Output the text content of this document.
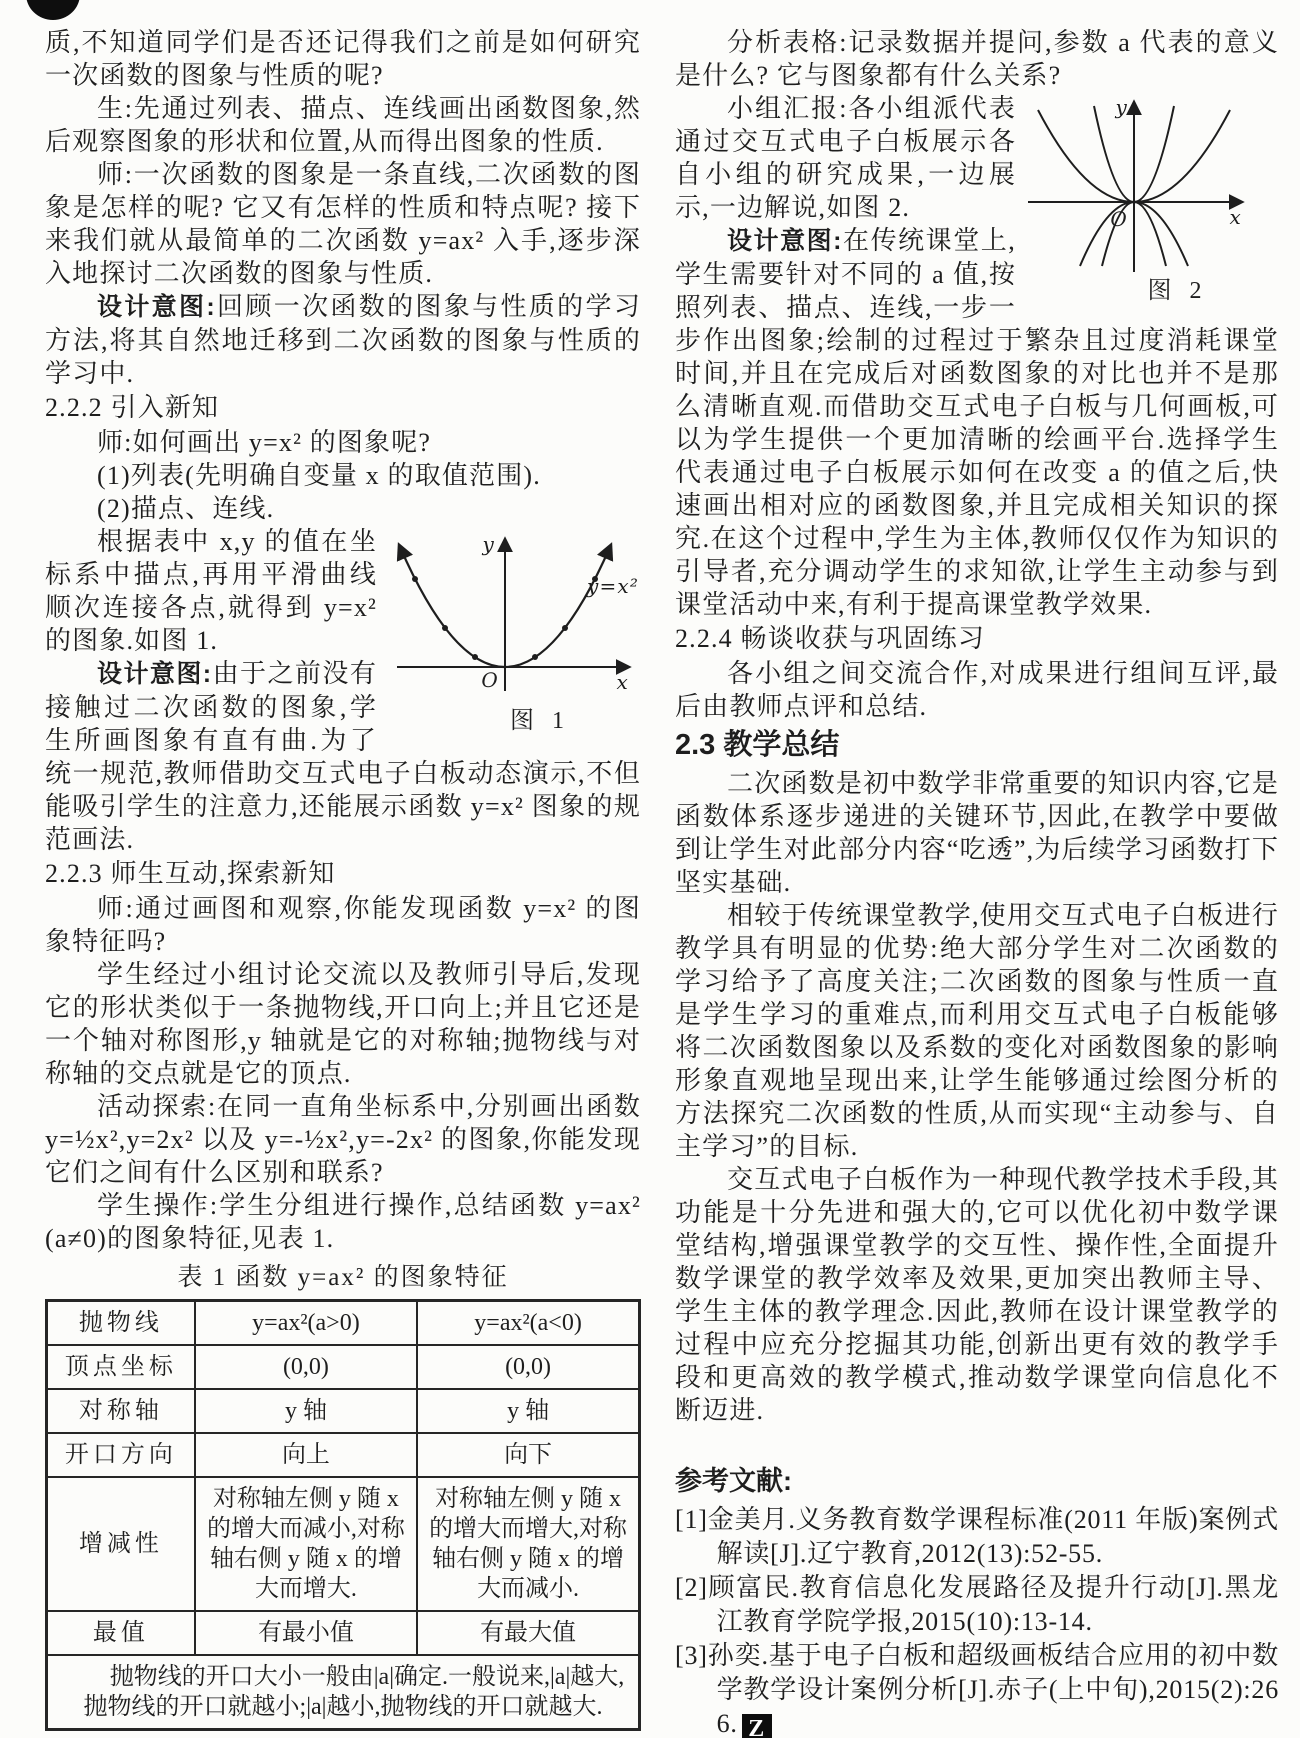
质,不知道同学们是否还记得我们之前是如何研究一次函数的图象与性质的呢?

生:先通过列表、描点、连线画出函数图象,然后观察图象的形状和位置,从而得出图象的性质.

师:一次函数的图象是一条直线,二次函数的图象是怎样的呢? 它又有怎样的性质和特点呢? 接下来我们就从最简单的二次函数 y=ax² 入手,逐步深入地探讨二次函数的图象与性质.

设计意图:回顾一次函数的图象与性质的学习方法,将其自然地迁移到二次函数的图象与性质的学习中.

2.2.2 引入新知

师:如何画出 y=x² 的图象呢?

(1)列表(先明确自变量 x 的取值范围).

(2)描点、连线.

y
x
O
y=x²
图 1
根据表中 x,y 的值在坐标系中描点,再用平滑曲线顺次连接各点,就得到 y=x² 的图象.如图 1.

设计意图:由于之前没有接触过二次函数的图象,学生所画图象有直有曲.为了统一规范,教师借助交互式电子白板动态演示,不但能吸引学生的注意力,还能展示函数 y=x² 图象的规范画法.

2.2.3 师生互动,探索新知

师:通过画图和观察,你能发现函数 y=x² 的图象特征吗?

学生经过小组讨论交流以及教师引导后,发现它的形状类似于一条抛物线,开口向上;并且它还是一个轴对称图形,y 轴就是它的对称轴;抛物线与对称轴的交点就是它的顶点.

活动探索:在同一直角坐标系中,分别画出函数 y=½x²,y=2x² 以及 y=-½x²,y=-2x² 的图象,你能发现它们之间有什么区别和联系?

学生操作:学生分组进行操作,总结函数 y=ax²(a≠0)的图象特征,见表 1.

表 1 函数 y=ax² 的图象特征

抛物线	y=ax²(a>0)	y=ax²(a<0)
顶点坐标	(0,0)	(0,0)
对称轴	y 轴	y 轴
开口方向	向上	向下
增减性	对称轴左侧 y 随 x 的增大而减小,对称轴右侧 y 随 x 的增大而增大.	对称轴左侧 y 随 x 的增大而增大,对称轴右侧 y 随 x 的增大而减小.
最值	有最小值	有最大值
抛物线的开口大小一般由|a|确定.一般说来,|a|越大,抛物线的开口就越小;|a|越小,抛物线的开口就越大.		

分析表格:记录数据并提问,参数 a 代表的意义是什么? 它与图象都有什么关系?

y
x
O
图 2
小组汇报:各小组派代表通过交互式电子白板展示各自小组的研究成果,一边展示,一边解说,如图 2.

设计意图:在传统课堂上,学生需要针对不同的 a 值,按照列表、描点、连线,一步一步作出图象;绘制的过程过于繁杂且过度消耗课堂时间,并且在完成后对函数图象的对比也并不是那么清晰直观.而借助交互式电子白板与几何画板,可以为学生提供一个更加清晰的绘画平台.选择学生代表通过电子白板展示如何在改变 a 的值之后,快速画出相对应的函数图象,并且完成相关知识的探究.在这个过程中,学生为主体,教师仅仅作为知识的引导者,充分调动学生的求知欲,让学生主动参与到课堂活动中来,有利于提高课堂教学效果.

2.2.4 畅谈收获与巩固练习

各小组之间交流合作,对成果进行组间互评,最后由教师点评和总结.

2.3 教学总结

二次函数是初中数学非常重要的知识内容,它是函数体系逐步递进的关键环节,因此,在教学中要做到让学生对此部分内容“吃透”,为后续学习函数打下坚实基础.

相较于传统课堂教学,使用交互式电子白板进行教学具有明显的优势:绝大部分学生对二次函数的学习给予了高度关注;二次函数的图象与性质一直是学生学习的重难点,而利用交互式电子白板能够将二次函数图象以及系数的变化对函数图象的影响形象直观地呈现出来,让学生能够通过绘图分析的方法探究二次函数的性质,从而实现“主动参与、自主学习”的目标.

交互式电子白板作为一种现代教学技术手段,其功能是十分先进和强大的,它可以优化初中数学课堂结构,增强课堂教学的交互性、操作性,全面提升数学课堂的教学效率及效果,更加突出教师主导、学生主体的教学理念.因此,教师在设计课堂教学的过程中应充分挖掘其功能,创新出更有效的教学手段和更高效的教学模式,推动数学课堂向信息化不断迈进.

参考文献:

[1]金美月.义务教育数学课程标准(2011 年版)案例式解读[J].辽宁教育,2012(13):52-55.

[2]顾富民.教育信息化发展路径及提升行动[J].黑龙江教育学院学报,2015(10):13-14.

[3]孙奕.基于电子白板和超级画板结合应用的初中数学教学设计案例分析[J].赤子(上中旬),2015(2):266. Z
